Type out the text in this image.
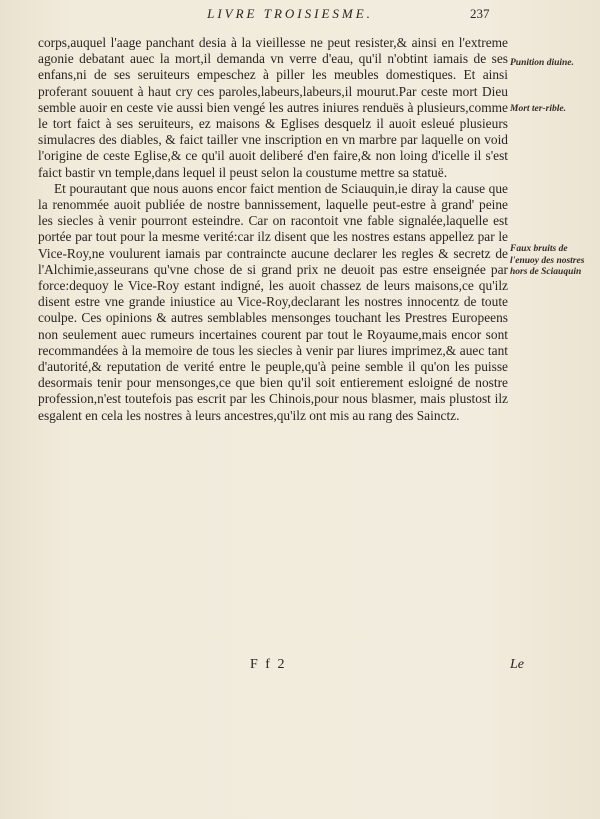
LIVRE TROISIESME.	237

corps,auquel l'aage panchant desia à la vieillesse ne peut resister,& ainsi en l'extreme agonie debatant auec la mort,il demanda vn verre d'eau, qu'il n'obtint iamais de ses enfans,ni de ses seruiteurs empeschez à piller les meubles domestiques. Et ainsi proferant souuent à haut cry ces paroles,labeurs,labeurs,il mourut.Par ceste mort Dieu semble auoir en ceste vie aussi bien vengé les autres iniures renduës à plusieurs,comme le tort faict à ses seruiteurs, ez maisons & Eglises desquelz il auoit esleué plusieurs simulacres des diables, & faict tailler vne inscription en vn marbre par laquelle on void l'origine de ceste Eglise,& ce qu'il auoit deliberé d'en faire,& non loing d'icelle il s'est faict bastir vn temple,dans lequel il peust selon la coustume mettre sa statuë.

Et pourautant que nous auons encor faict mention de Sciauquin,ie diray la cause que la renommée auoit publiée de nostre bannissement, laquelle peut-estre à grand' peine les siecles à venir pourront esteindre. Car on racontoit vne fable signalée,laquelle est portée par tout pour la mesme verité:car ilz disent que les nostres estans appellez par le Vice-Roy,ne voulurent iamais par contraincte aucune declarer les regles & secretz de l'Alchimie,asseurans qu'vne chose de si grand prix ne deuoit pas estre enseignée par force:dequoy le Vice-Roy estant indigné, les auoit chassez de leurs maisons,ce qu'ilz disent estre vne grande iniustice au Vice-Roy,declarant les nostres innocentz de toute coulpe. Ces opinions & autres semblables mensonges touchant les Prestres Europeens non seulement auec rumeurs incertaines courent par tout le Royaume,mais encor sont recommandées à la memoire de tous les siecles à venir par liures imprimez,& auec tant d'autorité,& reputation de verité entre le peuple,qu'à peine semble il qu'on les puisse desormais tenir pour mensonges,ce que bien qu'il soit entierement esloigné de nostre profession,n'est toutefois pas escrit par les Chinois,pour nous blasmer, mais plustost ilz esgalent en cela les nostres à leurs ancestres,qu'ilz ont mis au rang des Sainctz.

Punition diuine.
Mort ter-rible.
Faux bruits de l'enuoy des nostres hors de Sciauquin
F f 2	Le
